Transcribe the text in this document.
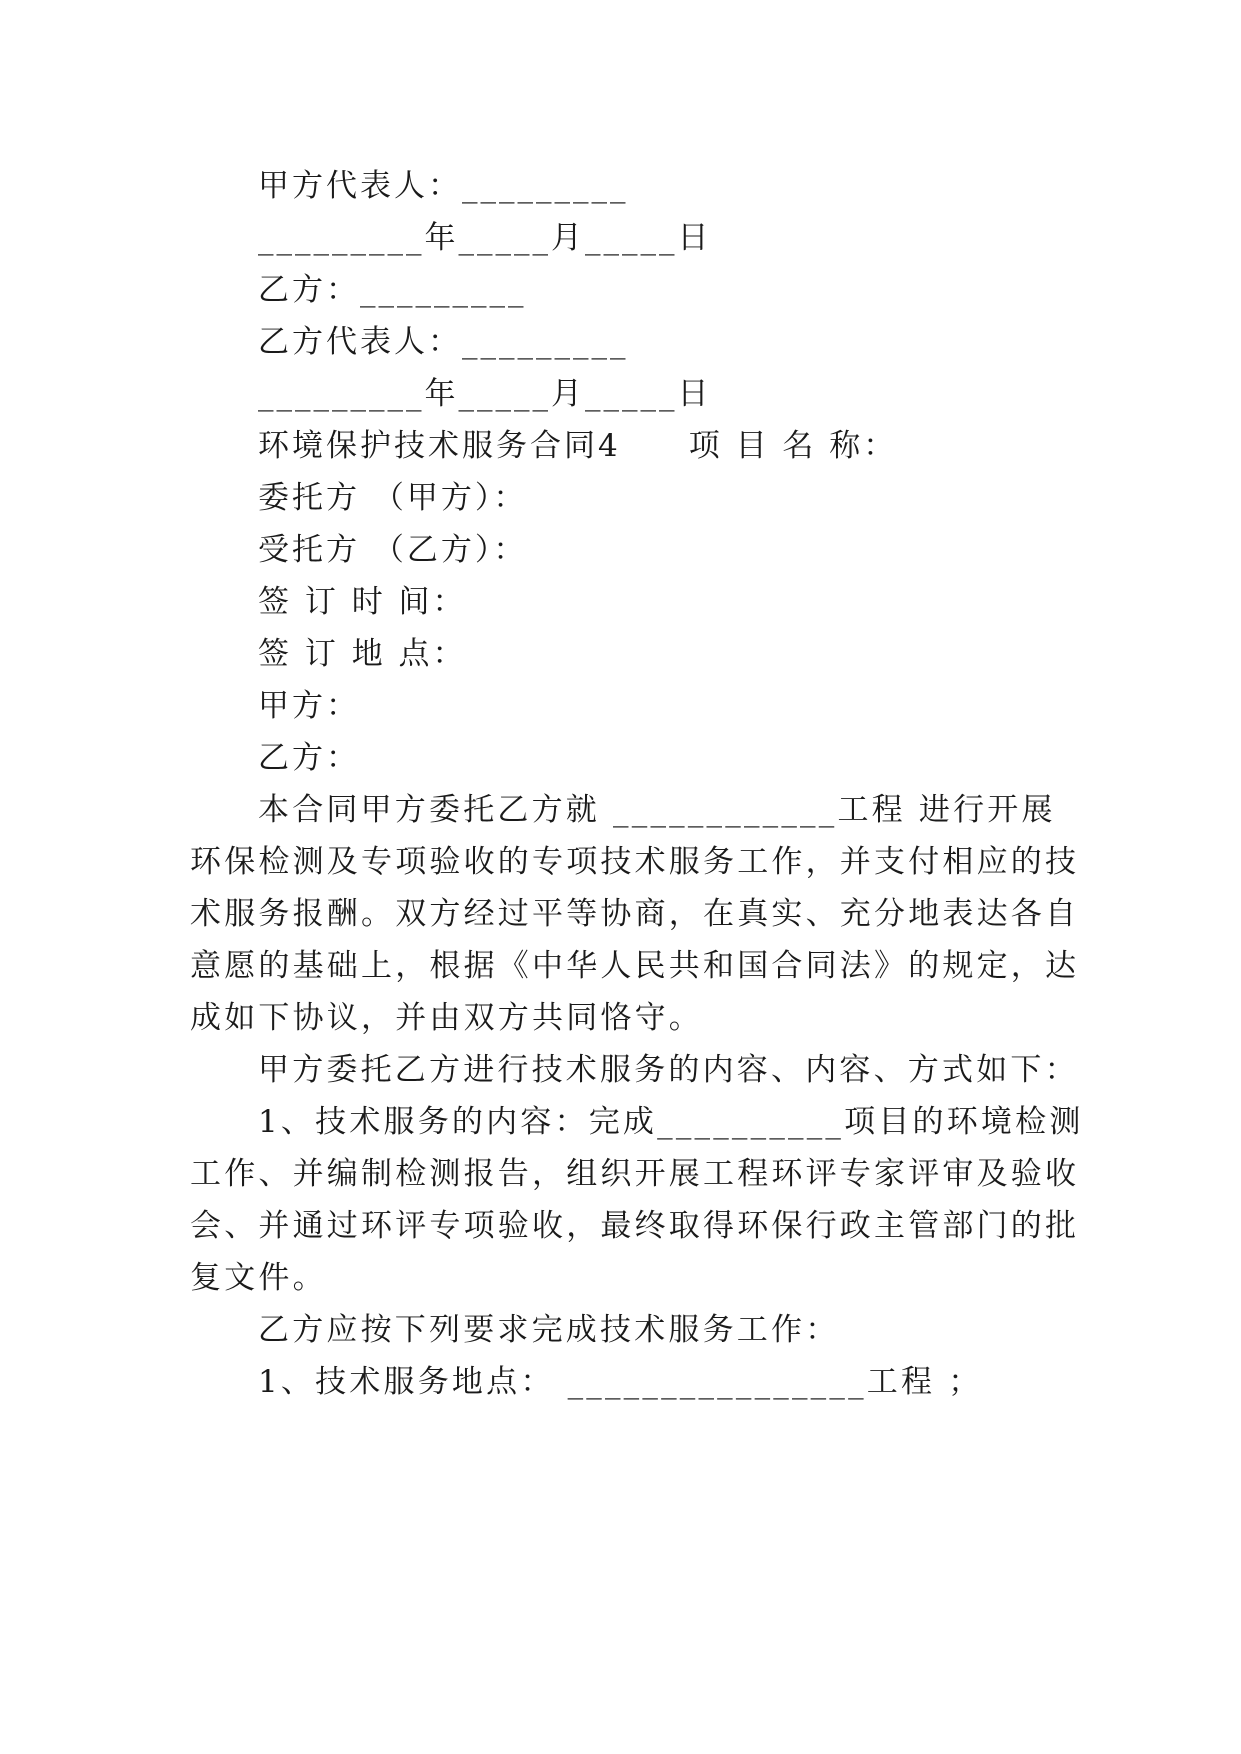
甲方代表人：_________
_________年_____月_____日
乙方：_________
乙方代表人：_________
_________年_____月_____日
环境保护技术服务合同4　　项 目 名 称：
委托方 （甲方）：
受托方 （乙方）：
签 订 时 间：
签 订 地 点：
甲方：
乙方：
本合同甲方委托乙方就 ____________工程 进行开展
环保检测及专项验收的专项技术服务工作，并支付相应的技
术服务报酬。双方经过平等协商，在真实、充分地表达各自
意愿的基础上，根据《中华人民共和国合同法》的规定，达
成如下协议，并由双方共同恪守。
甲方委托乙方进行技术服务的内容、内容、方式如下：
1、技术服务的内容：完成__________项目的环境检测
工作、并编制检测报告，组织开展工程环评专家评审及验收
会、并通过环评专项验收，最终取得环保行政主管部门的批
复文件。
乙方应按下列要求完成技术服务工作：
1、技术服务地点： ________________工程 ；
